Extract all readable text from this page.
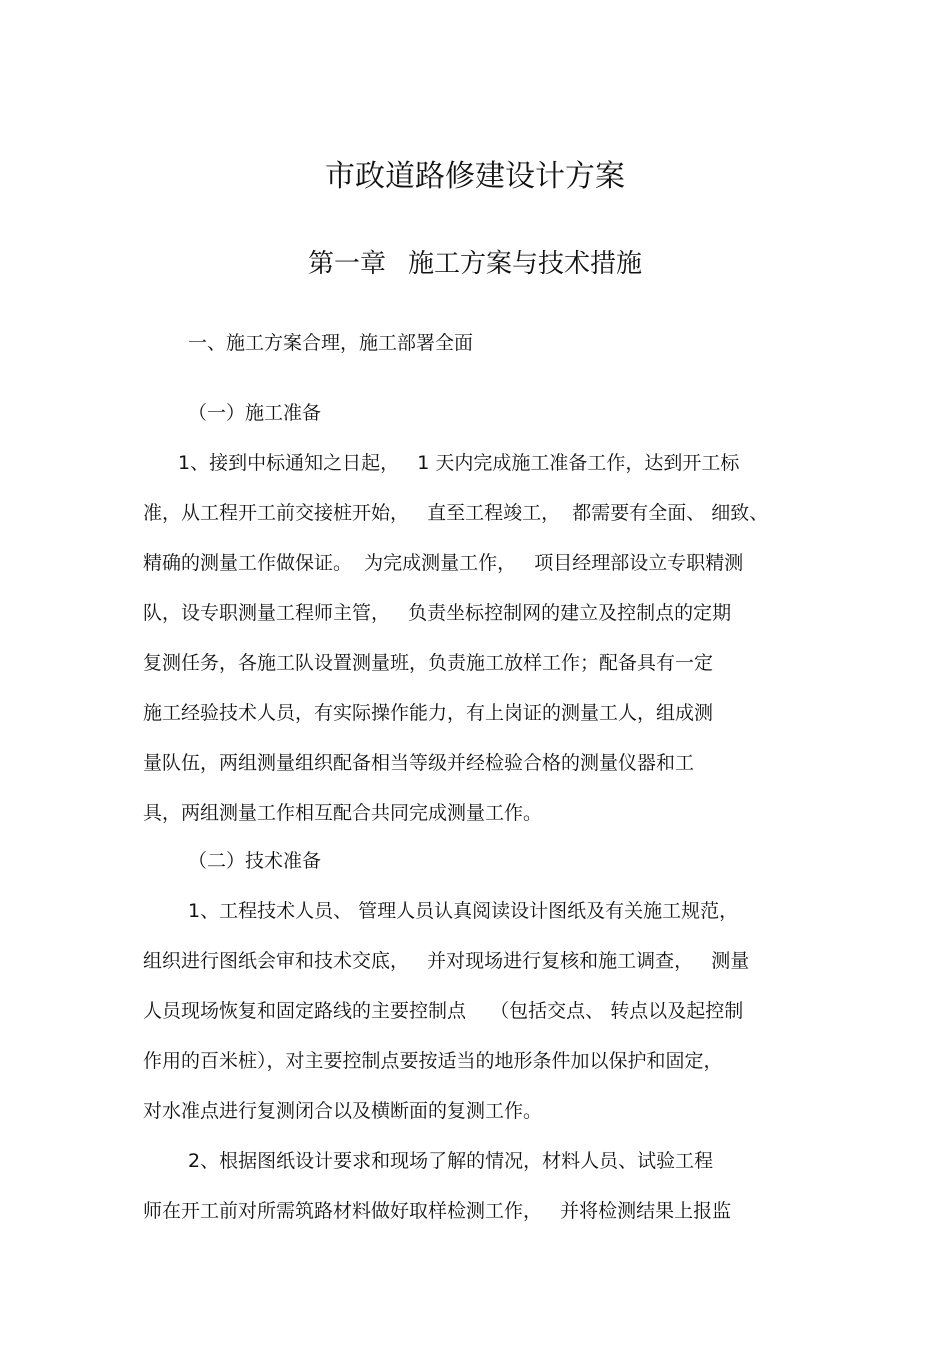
市政道路修建设计方案
第一章 施工方案与技术措施

一、施工方案合理，施工部署全面

（一）施工准备

1、接到中标通知之日起，   1 天内完成施工准备工作，达到开工标

准，从工程开工前交接桩开始，   直至工程竣工，  都需要有全面、 细致、

精确的测量工作做保证。  为完成测量工作，   项目经理部设立专职精测

队，设专职测量工程师主管，   负责坐标控制网的建立及控制点的定期

复测任务，各施工队设置测量班，负责施工放样工作；配备具有一定

施工经验技术人员，有实际操作能力，有上岗证的测量工人，组成测

量队伍，两组测量组织配备相当等级并经检验合格的测量仪器和工

具，两组测量工作相互配合共同完成测量工作。

（二）技术准备

1、工程技术人员、 管理人员认真阅读设计图纸及有关施工规范，

组织进行图纸会审和技术交底，   并对现场进行复核和施工调查，   测量

人员现场恢复和固定路线的主要控制点    （包括交点、 转点以及起控制

作用的百米桩），对主要控制点要按适当的地形条件加以保护和固定，

对水准点进行复测闭合以及横断面的复测工作。

2、根据图纸设计要求和现场了解的情况，材料人员、试验工程

师在开工前对所需筑路材料做好取样检测工作，   并将检测结果上报监
